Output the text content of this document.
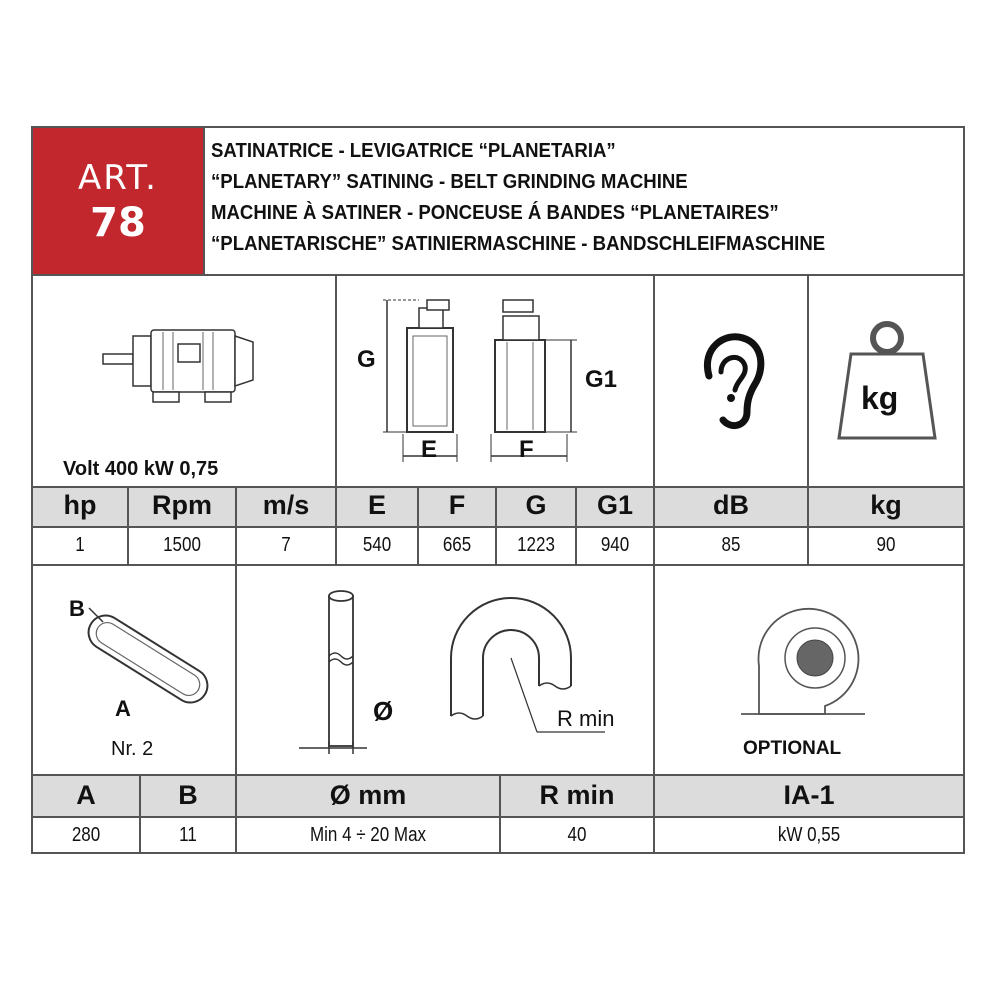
ART.
78
SATINATRICE - LEVIGATRICE “PLANETARIA”
“PLANETARY” SATINING - BELT GRINDING MACHINE
MACHINE À SATINER - PONCEUSE Á BANDES “PLANETAIRES”
“PLANETARISCHE” SATINIERMASCHINE - BANDSCHLEIFMASCHINE
Volt 400 kW 0,75
G
G1
E	F
kg
hp	Rpm	m/s	E	F	G	G1	dB	kg
1	1500	7	540	665	1223	940	85	90
B
A
Nr. 2
Ø	R min
OPTIONAL
A	B	Ø mm	R min	IA-1
280	11	Min 4 ÷ 20 Max	40	kW 0,55
